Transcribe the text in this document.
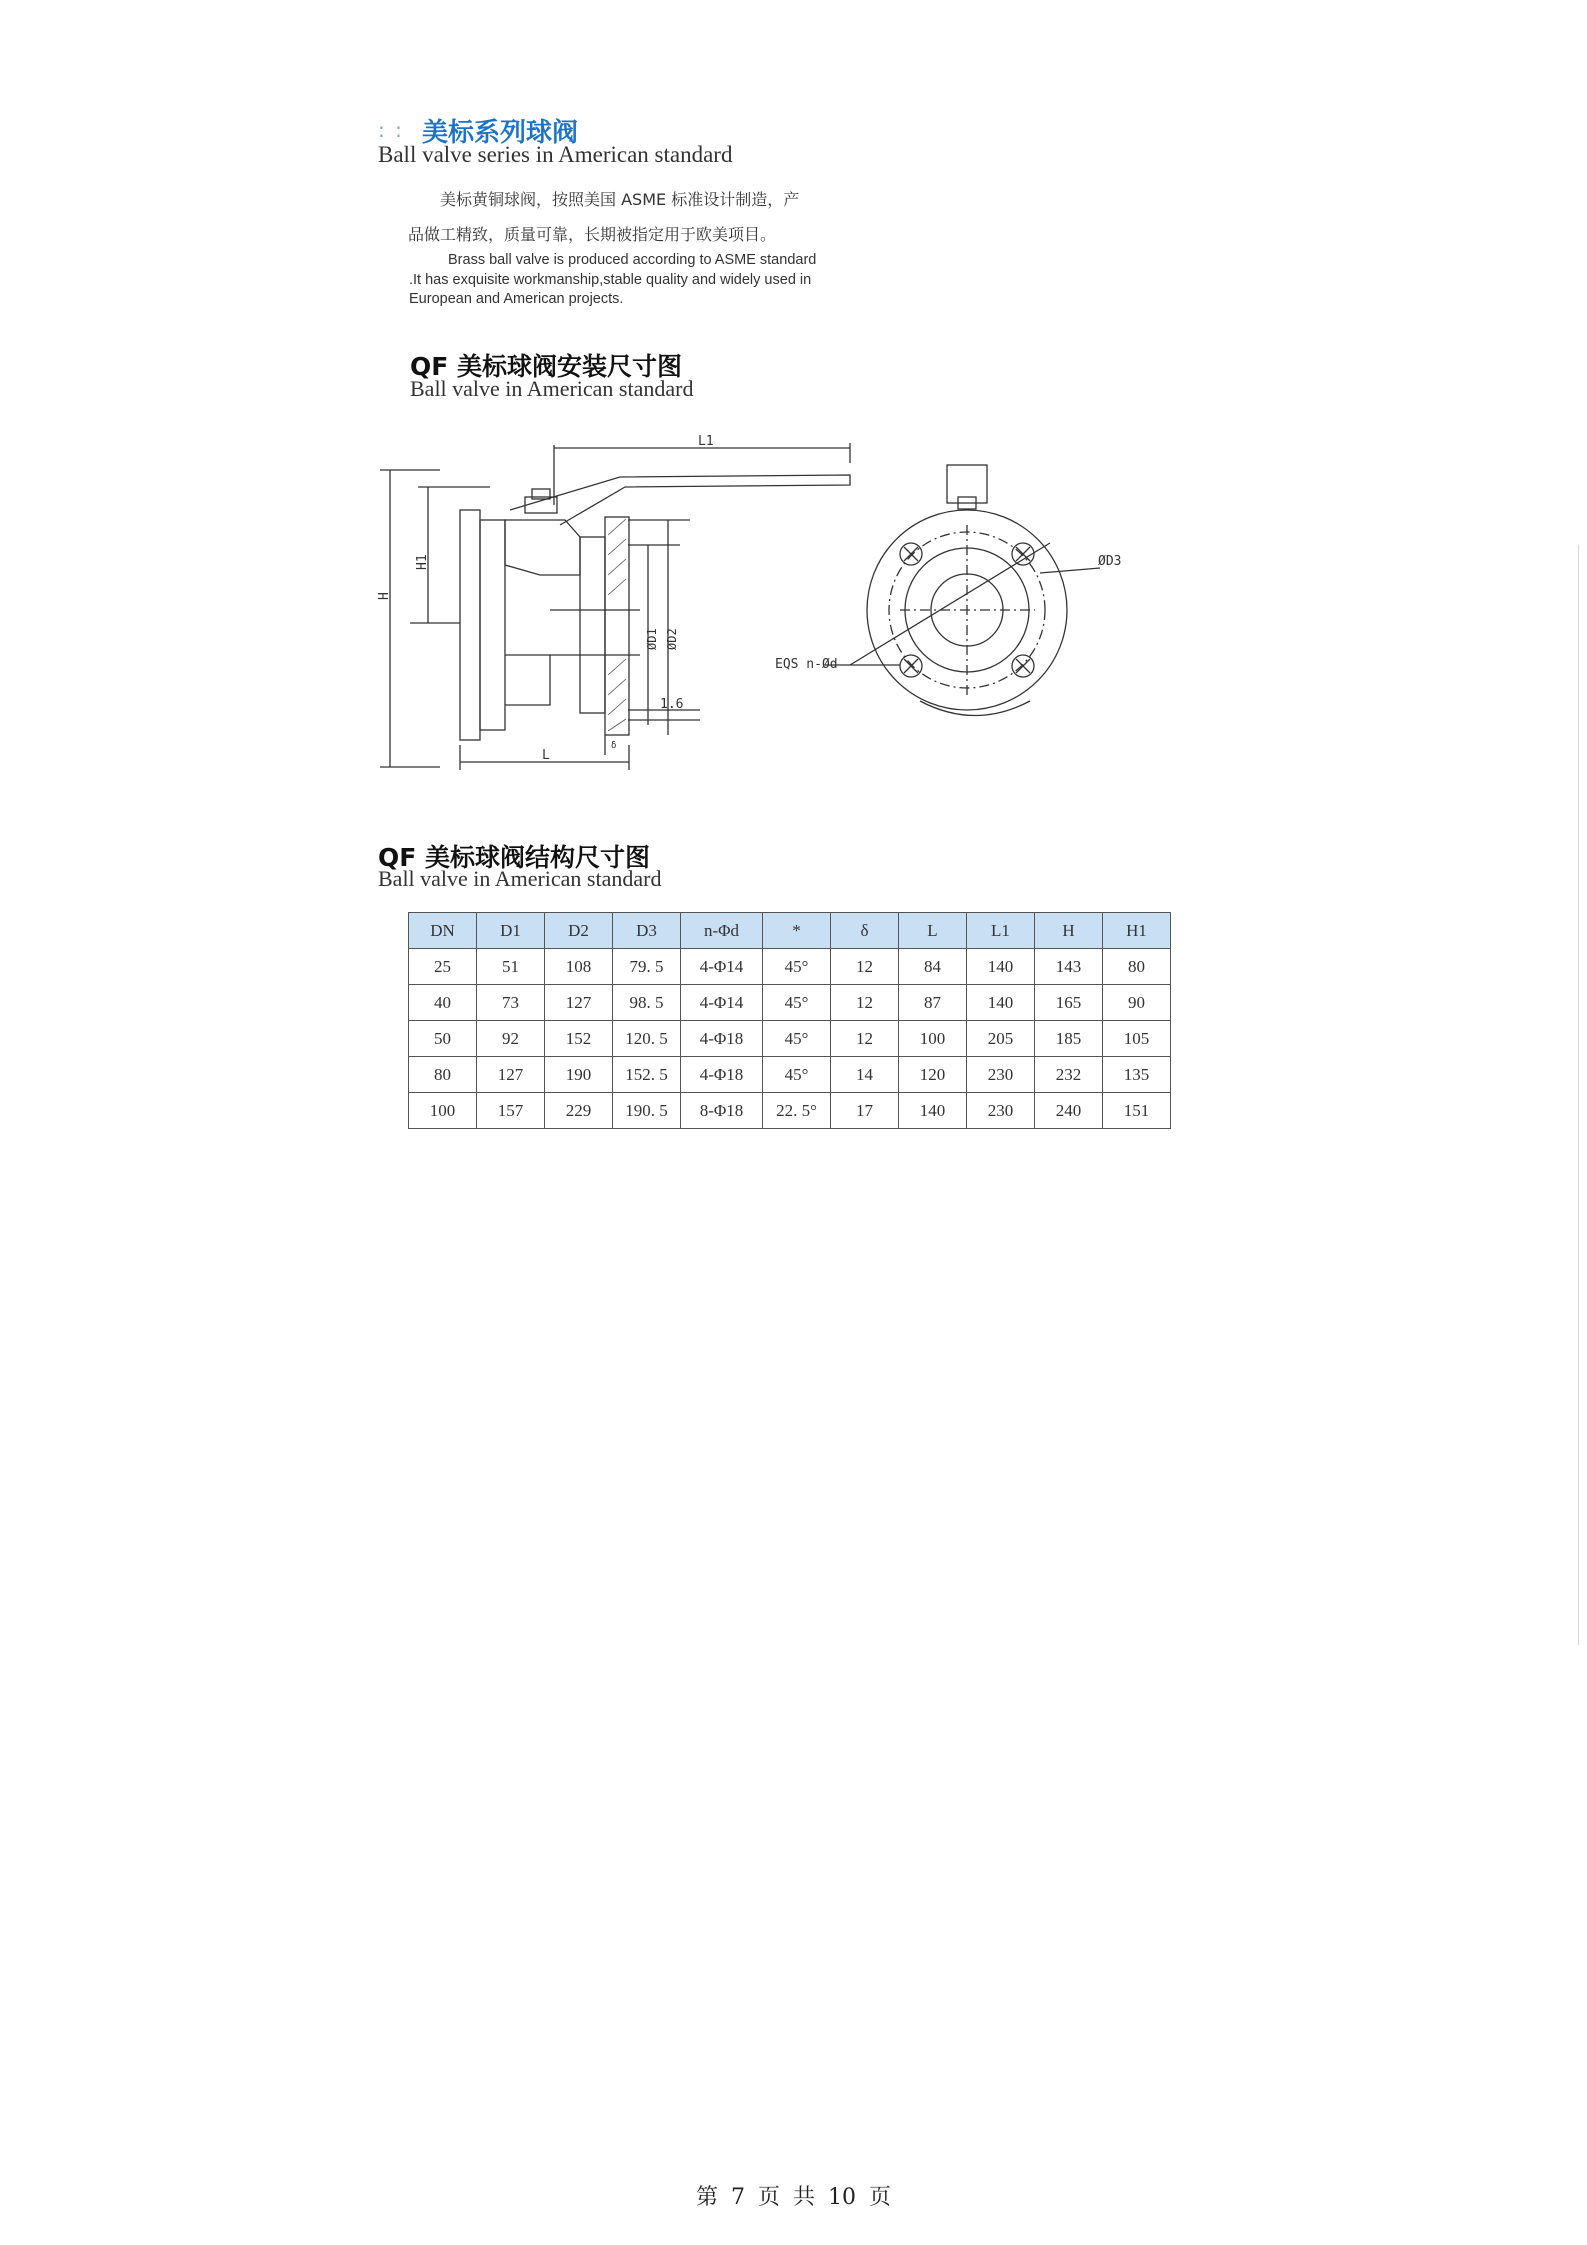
: : 美标系列球阀
Ball valve series in American standard
美标黄铜球阀，按照美国 ASME 标准设计制造，产
品做工精致，质量可靠，长期被指定用于欧美项目。
Brass ball valve is produced according to ASME standard
.It has exquisite workmanship,stable quality and widely used in
European and American projects.
QF 美标球阀安装尺寸图
Ball valve in American standard
L1
H1
H
ØD1 ØD2
1.6
L
δ
ØD3
EQS n-Ød
QF 美标球阀结构尺寸图
Ball valve in American standard
DN	D1	D2	D3	n-Φd	*	δ	L	L1	H	H1
25	51	108	79. 5	4-Φ14	45°	12	84	140	143	80
40	73	127	98. 5	4-Φ14	45°	12	87	140	165	90
50	92	152	120. 5	4-Φ18	45°	12	100	205	185	105
80	127	190	152. 5	4-Φ18	45°	14	120	230	232	135
100	157	229	190. 5	8-Φ18	22. 5°	17	140	230	240	151
第 7 页 共 10 页
